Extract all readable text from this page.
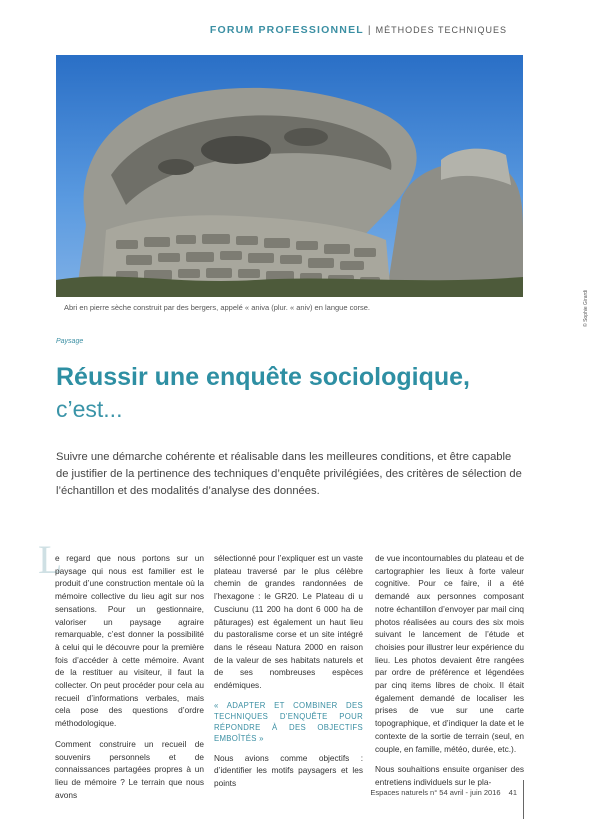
FORUM PROFESSIONNEL | MÉTHODES TECHNIQUES
© Sophie Girardi
Abri en pierre sèche construit par des bergers, appelé « aniva (plur. « aniv) en langue corse.
Paysage
Réussir une enquête sociologique,
c’est...
Suivre une démarche cohérente et réalisable dans les meilleures conditions, et être capable de justifier de la pertinence des techniques d’enquête privilégiées, des critères de sélection de l’échantillon et des modalités d’analyse des données.
L

e regard que nous portons sur un paysage qui nous est familier est le produit d’une construction mentale où la mémoire collective du lieu agit sur nos sensations. Pour un gestionnaire, valoriser un paysage agraire remarquable, c’est donner la possibilité à celui qui le découvre pour la première fois d’accéder à cette mémoire. Avant de la restituer au visiteur, il faut la collecter. On peut procéder pour cela au recueil d’informations verbales, mais cela pose des questions d’ordre méthodologique.

Comment construire un recueil de souvenirs personnels et de connaissances partagées propres à un lieu de mémoire ? Le terrain que nous avons

sélectionné pour l’expliquer est un vaste plateau traversé par le plus célèbre chemin de grandes randonnées de l’hexagone : le GR20. Le Plateau di u Cusciunu (11 200 ha dont 6 000 ha de pâturages) est également un haut lieu du pastoralisme corse et un site intégré dans le réseau Natura 2000 en raison de la valeur de ses habitats naturels et de ses nombreuses espèces endémiques.

« ADAPTER ET COMBINER DES TECHNIQUES D’ENQUÊTE POUR RÉPONDRE À DES OBJECTIFS EMBOÎTÉS »

Nous avions comme objectifs : d’identifier les motifs paysagers et les points

de vue incontournables du plateau et de cartographier les lieux à forte valeur cognitive. Pour ce faire, il a été demandé aux personnes composant notre échantillon d’envoyer par mail cinq photos réalisées au cours des six mois suivant le lancement de l’étude et choisies pour illustrer leur expérience du lieu. Les photos devaient être rangées par ordre de préférence et légendées par cinq items libres de choix. Il était également demandé de localiser les prises de vue sur une carte topographique, et d’indiquer la date et le contexte de la sortie de terrain (seul, en couple, en famille, météo, durée, etc.).

Nous souhaitions ensuite organiser des entretiens individuels sur le pla-

Espaces naturels n° 54 avril - juin 2016 41
